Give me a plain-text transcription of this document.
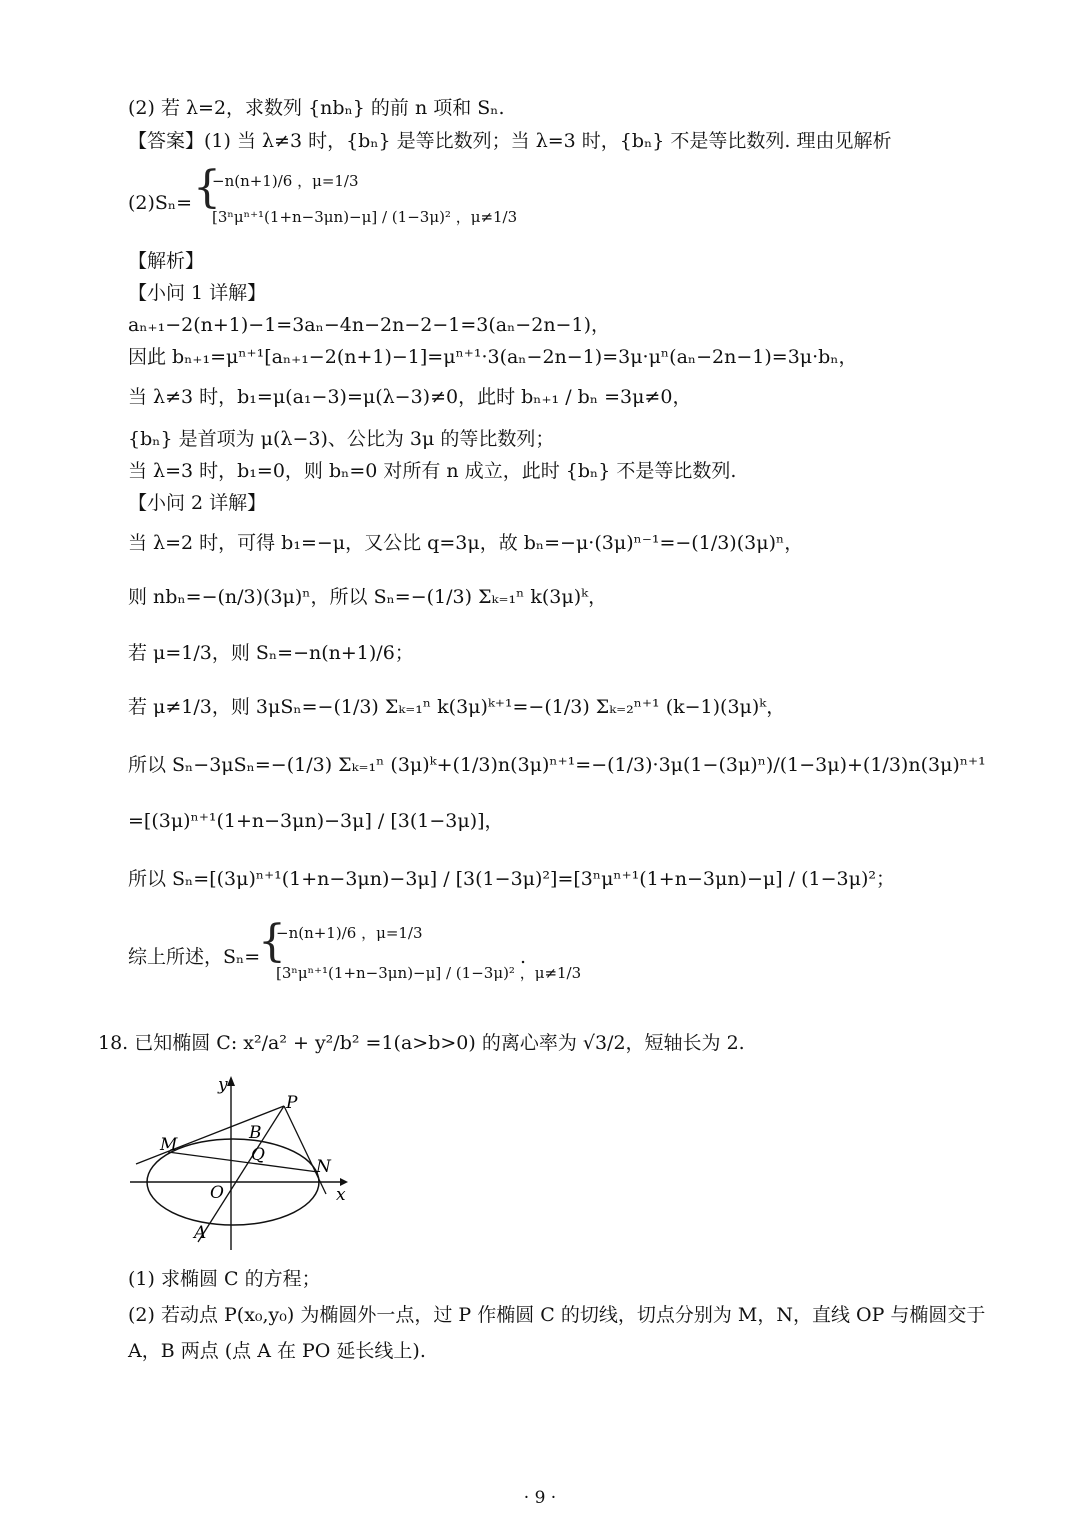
(2) 若 λ=2，求数列 {nbₙ} 的前 n 项和 Sₙ.
【答案】(1) 当 λ≠3 时，{bₙ} 是等比数列；当 λ=3 时，{bₙ} 不是等比数列. 理由见解析
(2)Sₙ= {
−n(n+1)/6 ，μ=1/3
[3ⁿμⁿ⁺¹(1+n−3μn)−μ] / (1−3μ)² ，μ≠1/3
【解析】
【小问 1 详解】
aₙ₊₁−2(n+1)−1=3aₙ−4n−2n−2−1=3(aₙ−2n−1)，
因此 bₙ₊₁=μⁿ⁺¹[aₙ₊₁−2(n+1)−1]=μⁿ⁺¹·3(aₙ−2n−1)=3μ·μⁿ(aₙ−2n−1)=3μ·bₙ，
当 λ≠3 时，b₁=μ(a₁−3)=μ(λ−3)≠0，此时 bₙ₊₁ / bₙ =3μ≠0，
{bₙ} 是首项为 μ(λ−3)、公比为 3μ 的等比数列；
当 λ=3 时，b₁=0，则 bₙ=0 对所有 n 成立，此时 {bₙ} 不是等比数列.
【小问 2 详解】
当 λ=2 时，可得 b₁=−μ，又公比 q=3μ，故 bₙ=−μ·(3μ)ⁿ⁻¹=−(1/3)(3μ)ⁿ，
则 nbₙ=−(n/3)(3μ)ⁿ，所以 Sₙ=−(1/3) Σₖ₌₁ⁿ k(3μ)ᵏ，
若 μ=1/3，则 Sₙ=−n(n+1)/6；
若 μ≠1/3，则 3μSₙ=−(1/3) Σₖ₌₁ⁿ k(3μ)ᵏ⁺¹=−(1/3) Σₖ₌₂ⁿ⁺¹ (k−1)(3μ)ᵏ，
所以 Sₙ−3μSₙ=−(1/3) Σₖ₌₁ⁿ (3μ)ᵏ+(1/3)n(3μ)ⁿ⁺¹=−(1/3)·3μ(1−(3μ)ⁿ)/(1−3μ)+(1/3)n(3μ)ⁿ⁺¹
=[(3μ)ⁿ⁺¹(1+n−3μn)−3μ] / [3(1−3μ)]，
所以 Sₙ=[(3μ)ⁿ⁺¹(1+n−3μn)−3μ] / [3(1−3μ)²]=[3ⁿμⁿ⁺¹(1+n−3μn)−μ] / (1−3μ)²；
综上所述，Sₙ=
{
−n(n+1)/6 ，μ=1/3
[3ⁿμⁿ⁺¹(1+n−3μn)−μ] / (1−3μ)² ，μ≠1/3
.
18. 已知椭圆 C: x²/a² + y²/b² =1(a>b>0) 的离心率为 √3/2，短轴长为 2.
y
x
P
M
B
Q
N
O
A
(1) 求椭圆 C 的方程；
(2) 若动点 P(x₀,y₀) 为椭圆外一点，过 P 作椭圆 C 的切线，切点分别为 M，N，直线 OP 与椭圆交于
A，B 两点 (点 A 在 PO 延长线上).
· 9 ·
